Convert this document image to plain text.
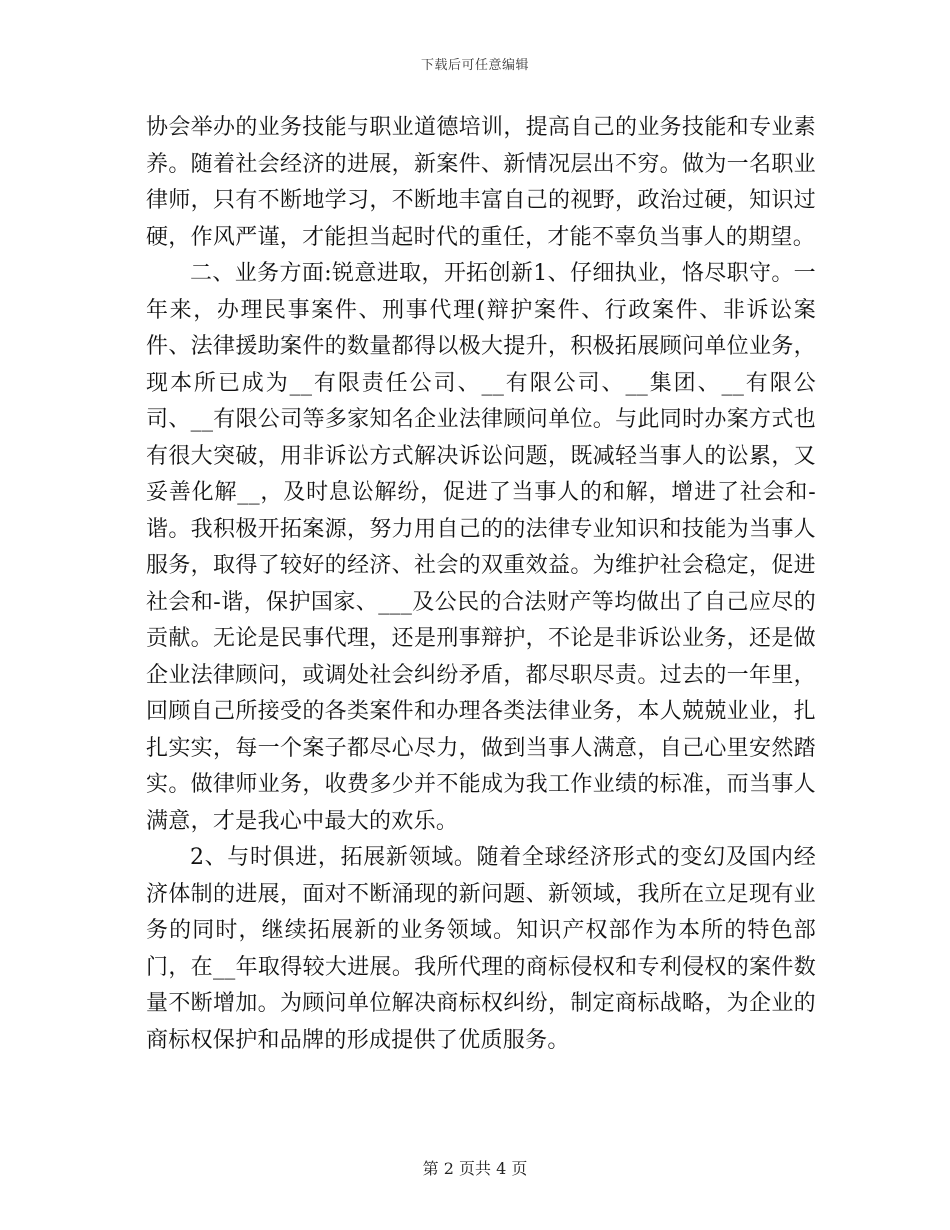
下载后可任意编辑

协会举办的业务技能与职业道德培训，提高自己的业务技能和专业素养。随着社会经济的进展，新案件、新情况层出不穷。做为一名职业律师，只有不断地学习，不断地丰富自己的视野，政治过硬，知识过硬，作风严谨，才能担当起时代的重任，才能不辜负当事人的期望。

二、业务方面:锐意进取，开拓创新1、仔细执业，恪尽职守。一年来，办理民事案件、刑事代理(辩护案件、行政案件、非诉讼案件、法律援助案件的数量都得以极大提升，积极拓展顾问单位业务，现本所已成为__有限责任公司、__有限公司、__集团、__有限公司、__有限公司等多家知名企业法律顾问单位。与此同时办案方式也有很大突破，用非诉讼方式解决诉讼问题，既减轻当事人的讼累，又妥善化解__，及时息讼解纷，促进了当事人的和解，增进了社会和-谐。我积极开拓案源，努力用自己的的法律专业知识和技能为当事人服务，取得了较好的经济、社会的双重效益。为维护社会稳定，促进社会和-谐，保护国家、___及公民的合法财产等均做出了自己应尽的贡献。无论是民事代理，还是刑事辩护，不论是非诉讼业务，还是做企业法律顾问，或调处社会纠纷矛盾，都尽职尽责。过去的一年里，回顾自己所接受的各类案件和办理各类法律业务，本人兢兢业业，扎扎实实，每一个案子都尽心尽力，做到当事人满意，自己心里安然踏实。做律师业务，收费多少并不能成为我工作业绩的标准，而当事人满意，才是我心中最大的欢乐。

2、与时俱进，拓展新领域。随着全球经济形式的变幻及国内经济体制的进展，面对不断涌现的新问题、新领域，我所在立足现有业务的同时，继续拓展新的业务领域。知识产权部作为本所的特色部门，在__年取得较大进展。我所代理的商标侵权和专利侵权的案件数量不断增加。为顾问单位解决商标权纠纷，制定商标战略，为企业的商标权保护和品牌的形成提供了优质服务。

第 2 页共 4 页
